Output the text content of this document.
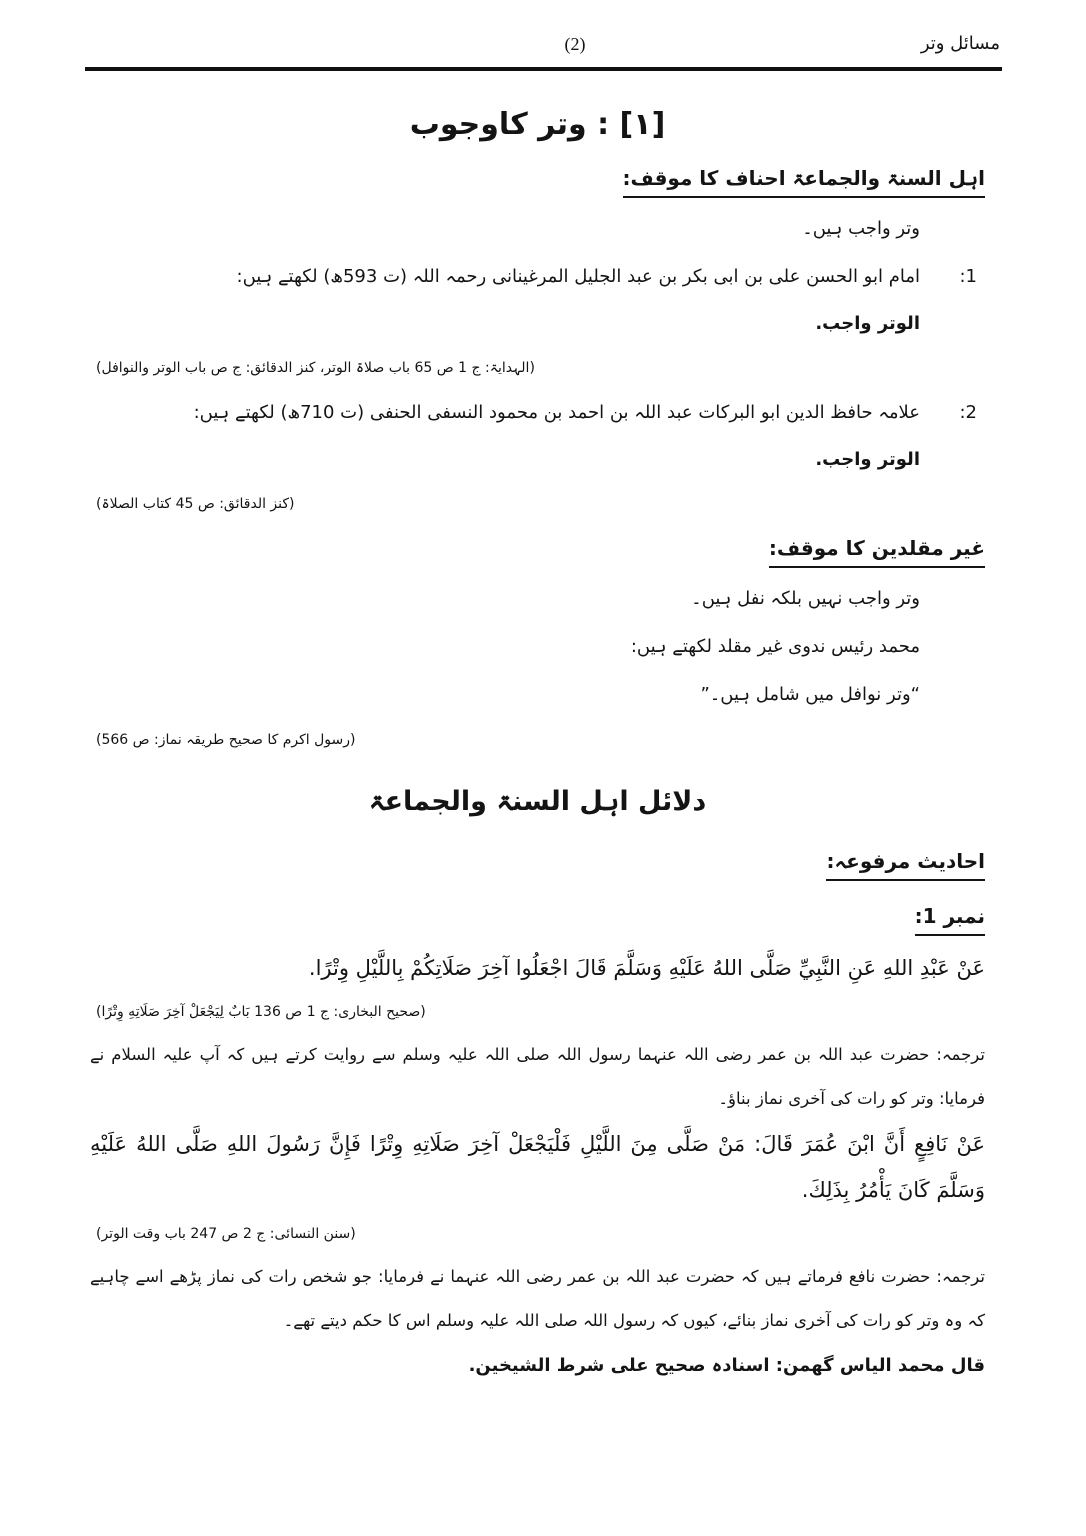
مسائل وتر
(2)
[۱] : وتر کاوجوب
اہل السنۃ والجماعۃ احناف کا موقف:
وتر واجب ہیں۔
1:
امام ابو الحسن علی بن ابی بکر بن عبد الجلیل المرغینانی رحمہ اللہ (ت 593ھ) لکھتے ہیں:
الوتر واجب.
(الہدایۃ: ج 1 ص 65 باب صلاۃ الوتر، کنز الدقائق: ج ص باب الوتر والنوافل)
2:
علامہ حافظ الدین ابو البرکات عبد اللہ بن احمد بن محمود النسفی الحنفی (ت 710ھ) لکھتے ہیں:
الوتر واجب.
(کنز الدقائق: ص 45 کتاب الصلاۃ)
غیر مقلدین کا موقف:
وتر واجب نہیں بلکہ نفل ہیں۔
محمد رئیس ندوی غیر مقلد لکھتے ہیں:
“وتر نوافل میں شامل ہیں۔”
(رسول اکرم کا صحیح طریقہ نماز: ص 566)
دلائل اہل السنۃ والجماعۃ
احادیث مرفوعہ:
نمبر 1:
عَنْ عَبْدِ اللهِ عَنِ النَّبِيِّ صَلَّى اللهُ عَلَيْهِ وَسَلَّمَ قَالَ اجْعَلُوا آخِرَ صَلَاتِكُمْ بِاللَّيْلِ وِتْرًا.
(صحیح البخاری: ج 1 ص 136 بَابٌ لِيَجْعَلْ آخِرَ صَلَاتِهِ وِتْرًا)
ترجمہ: حضرت عبد اللہ بن عمر رضی اللہ عنہما رسول اللہ صلی اللہ علیہ وسلم سے روایت کرتے ہیں کہ آپ علیہ السلام نے فرمایا: وتر کو رات کی آخری نماز بناؤ۔
عَنْ نَافِعٍ أَنَّ ابْنَ عُمَرَ قَالَ: مَنْ صَلَّى مِنَ اللَّيْلِ فَلْيَجْعَلْ آخِرَ صَلَاتِهِ وِتْرًا فَإِنَّ رَسُولَ اللهِ صَلَّى اللهُ عَلَيْهِ وَسَلَّمَ كَانَ يَأْمُرُ بِذَلِكَ.
(سنن النسائی: ج 2 ص 247 باب وقت الوتر)
ترجمہ: حضرت نافع فرماتے ہیں کہ حضرت عبد اللہ بن عمر رضی اللہ عنہما نے فرمایا: جو شخص رات کی نماز پڑھے اسے چاہیے کہ وہ وتر کو رات کی آخری نماز بنائے، کیوں کہ رسول اللہ صلی اللہ علیہ وسلم اس کا حکم دیتے تھے۔
قال محمد الیاس گھمن: اسنادہ صحیح علی شرط الشیخین.
